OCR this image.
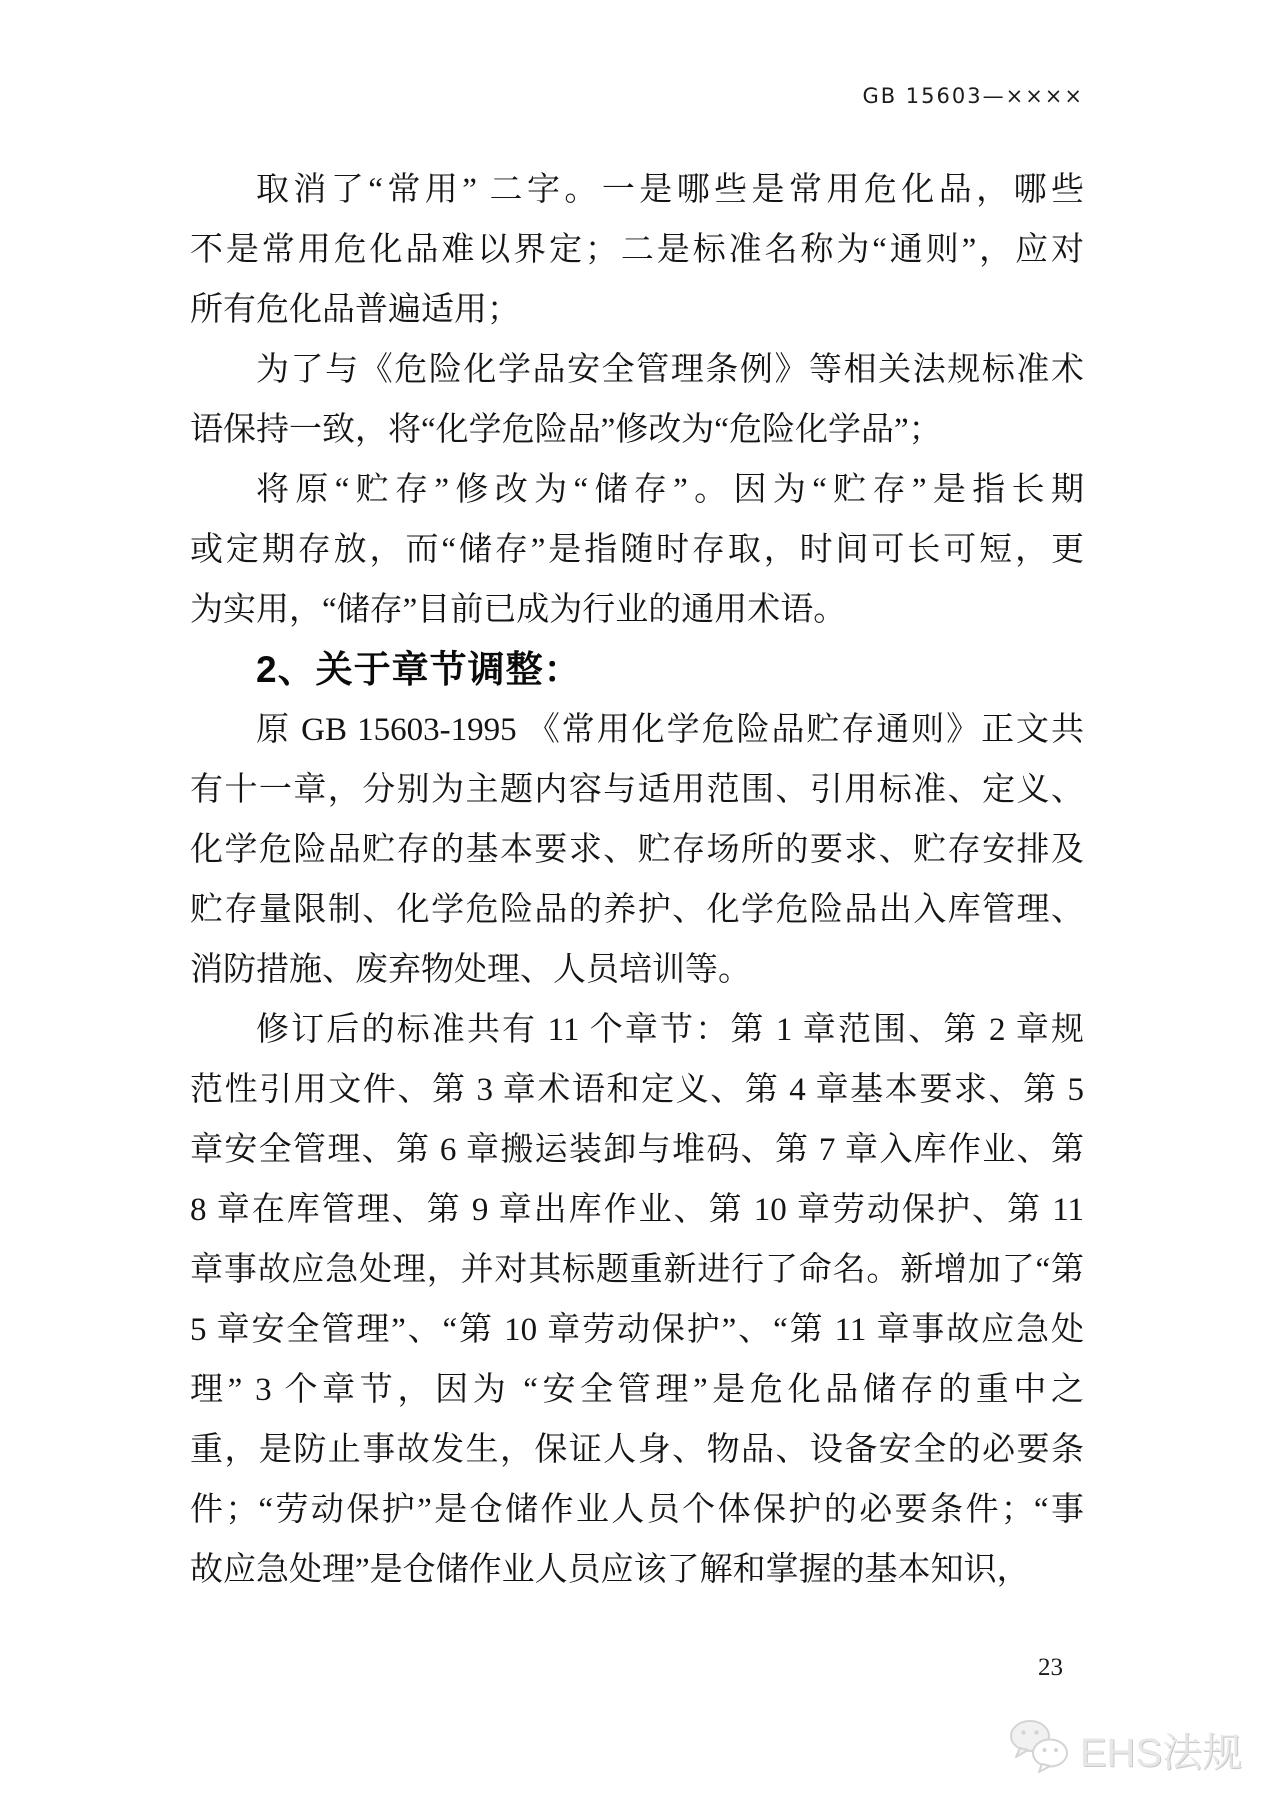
GB 15603—××××
取消了“常用” 二字。一是哪些是常用危化品，哪些
不是常用危化品难以界定；二是标准名称为“通则”，应对
所有危化品普遍适用；
为了与《危险化学品安全管理条例》等相关法规标准术
语保持一致，将“化学危险品”修改为“危险化学品”；
将原“贮存”修改为“储存”。因为“贮存”是指长期
或定期存放，而“储存”是指随时存取，时间可长可短，更
为实用，“储存”目前已成为行业的通用术语。
2、关于章节调整：
原 GB 15603-1995 《常用化学危险品贮存通则》正文共
有十一章，分别为主题内容与适用范围、引用标准、定义、
化学危险品贮存的基本要求、贮存场所的要求、贮存安排及
贮存量限制、化学危险品的养护、化学危险品出入库管理、
消防措施、废弃物处理、人员培训等。
修订后的标准共有 11 个章节：第 1 章范围、第 2 章规
范性引用文件、第 3 章术语和定义、第 4 章基本要求、第 5
章安全管理、第 6 章搬运装卸与堆码、第 7 章入库作业、第
8 章在库管理、第 9 章出库作业、第 10 章劳动保护、第 11
章事故应急处理，并对其标题重新进行了命名。新增加了“第
5 章安全管理”、“第 10 章劳动保护”、“第 11 章事故应急处
理” 3 个章节，因为 “安全管理”是危化品储存的重中之
重，是防止事故发生，保证人身、物品、设备安全的必要条
件；“劳动保护”是仓储作业人员个体保护的必要条件；“事
故应急处理”是仓储作业人员应该了解和掌握的基本知识，
23
EHS法规
